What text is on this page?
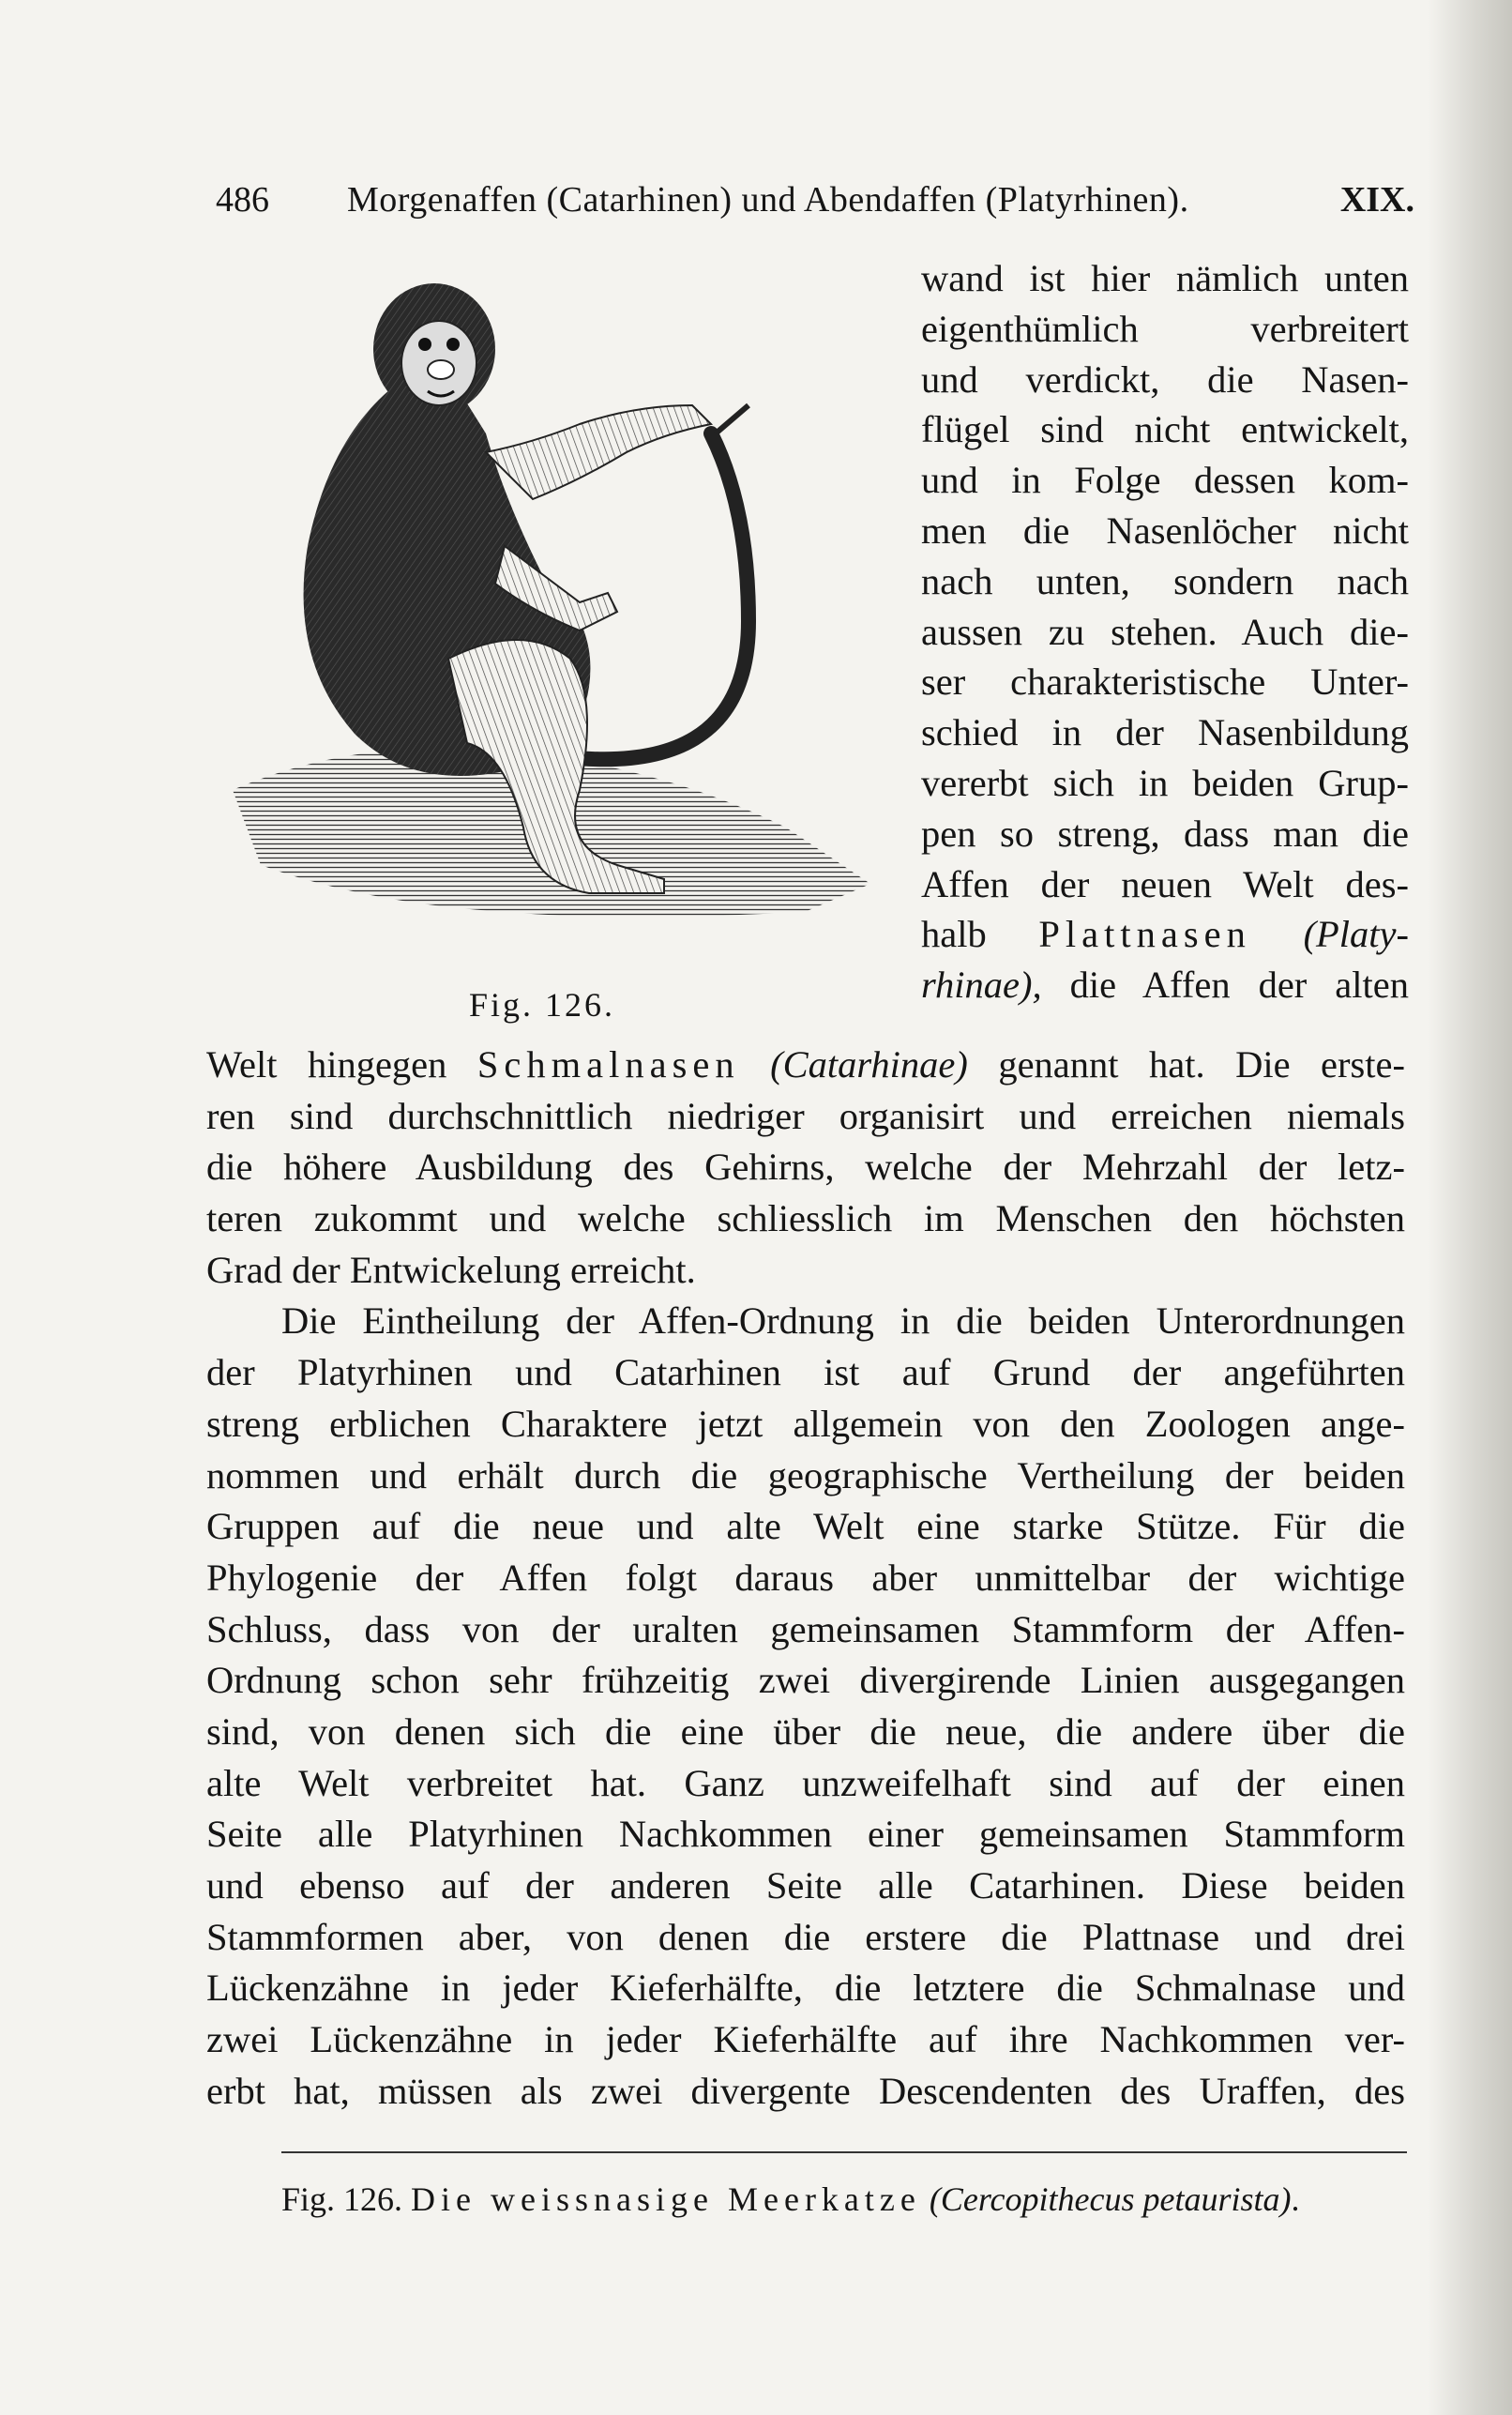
486 Morgenaffen (Catarhinen) und Abendaffen (Platyrhinen).	XIX.
Fig. 126.
wand ist hier nämlich unten
eigenthümlich verbreitert
und verdickt, die Nasen-
flügel sind nicht entwickelt,
und in Folge dessen kom-
men die Nasenlöcher nicht
nach unten, sondern nach
aussen zu stehen. Auch die-
ser charakteristische Unter-
schied in der Nasenbildung
vererbt sich in beiden Grup-
pen so streng, dass man die
Affen der neuen Welt des-
halb Plattnasen (Platy-
rhinae), die Affen der alten
Welt hingegen Schmalnasen (Catarhinae) genannt hat. Die erste-
ren sind durchschnittlich niedriger organisirt und erreichen niemals
die höhere Ausbildung des Gehirns, welche der Mehrzahl der letz-
teren zukommt und welche schliesslich im Menschen den höchsten
Grad der Entwickelung erreicht.
Die Eintheilung der Affen-Ordnung in die beiden Unterordnungen
der Platyrhinen und Catarhinen ist auf Grund der angeführten
streng erblichen Charaktere jetzt allgemein von den Zoologen ange-
nommen und erhält durch die geographische Vertheilung der beiden
Gruppen auf die neue und alte Welt eine starke Stütze. Für die
Phylogenie der Affen folgt daraus aber unmittelbar der wichtige
Schluss, dass von der uralten gemeinsamen Stammform der Affen-
Ordnung schon sehr frühzeitig zwei divergirende Linien ausgegangen
sind, von denen sich die eine über die neue, die andere über die
alte Welt verbreitet hat. Ganz unzweifelhaft sind auf der einen
Seite alle Platyrhinen Nachkommen einer gemeinsamen Stammform
und ebenso auf der anderen Seite alle Catarhinen. Diese beiden
Stammformen aber, von denen die erstere die Plattnase und drei
Lückenzähne in jeder Kieferhälfte, die letztere die Schmalnase und
zwei Lückenzähne in jeder Kieferhälfte auf ihre Nachkommen ver-
erbt hat, müssen als zwei divergente Descendenten des Uraffen, des
Fig. 126. Die weissnasige Meerkatze (Cercopithecus petaurista).
